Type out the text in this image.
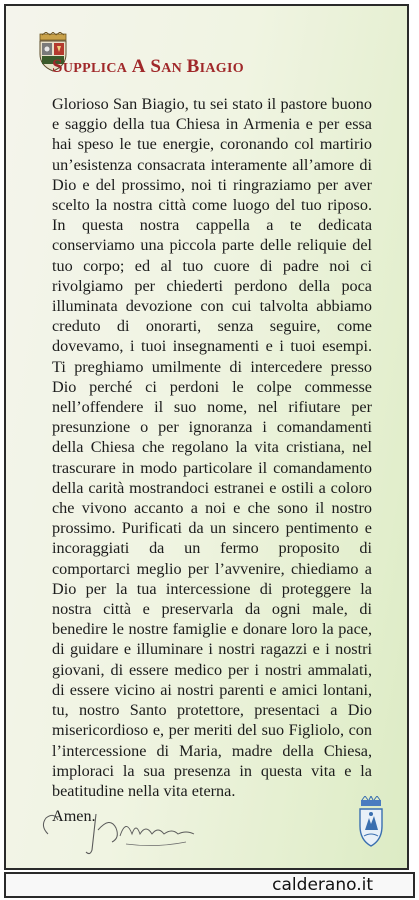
SUPPLICA A SAN BIAGIO

Glorioso San Biagio, tu sei stato il pastore buono e saggio della tua Chiesa in Armenia e per essa hai speso le tue energie, coronando col martirio un’esistenza consacrata interamente all’amore di Dio e del prossimo, noi ti ringraziamo per aver scelto la nostra città come luogo del tuo riposo. In questa nostra cappella a te dedicata conserviamo una piccola parte delle reliquie del tuo corpo; ed al tuo cuore di padre noi ci rivolgiamo per chiederti perdono della poca illuminata devozione con cui talvolta abbiamo creduto di onorarti, senza seguire, come dovevamo, i tuoi insegnamenti e i tuoi esempi. Ti preghiamo umilmente di intercedere presso Dio perché ci perdoni le colpe commesse nell’offendere il suo nome, nel rifiutare per presunzione o per ignoranza i comandamenti della Chiesa che regolano la vita cristiana, nel trascurare in modo particolare il comandamento della carità mostrandoci estranei e ostili a coloro che vivono accanto a noi e che sono il nostro prossimo. Purificati da un sincero pentimento e incoraggiati da un fermo proposito di comportarci meglio per l’avvenire, chiediamo a Dio per la tua intercessione di proteggere la nostra città e preservarla da ogni male, di benedire le nostre famiglie e donare loro la pace, di guidare e illuminare i nostri ragazzi e i nostri giovani, di essere medico per i nostri ammalati, di essere vicino ai nostri parenti e amici lontani, tu, nostro Santo protettore, presentaci a Dio misericordioso e, per meriti del suo Figliolo, con l’intercessione di Maria, madre della Chiesa, imploraci la sua presenza in questa vita e la beatitudine nella vita eterna.

Amen.

calderano.it
